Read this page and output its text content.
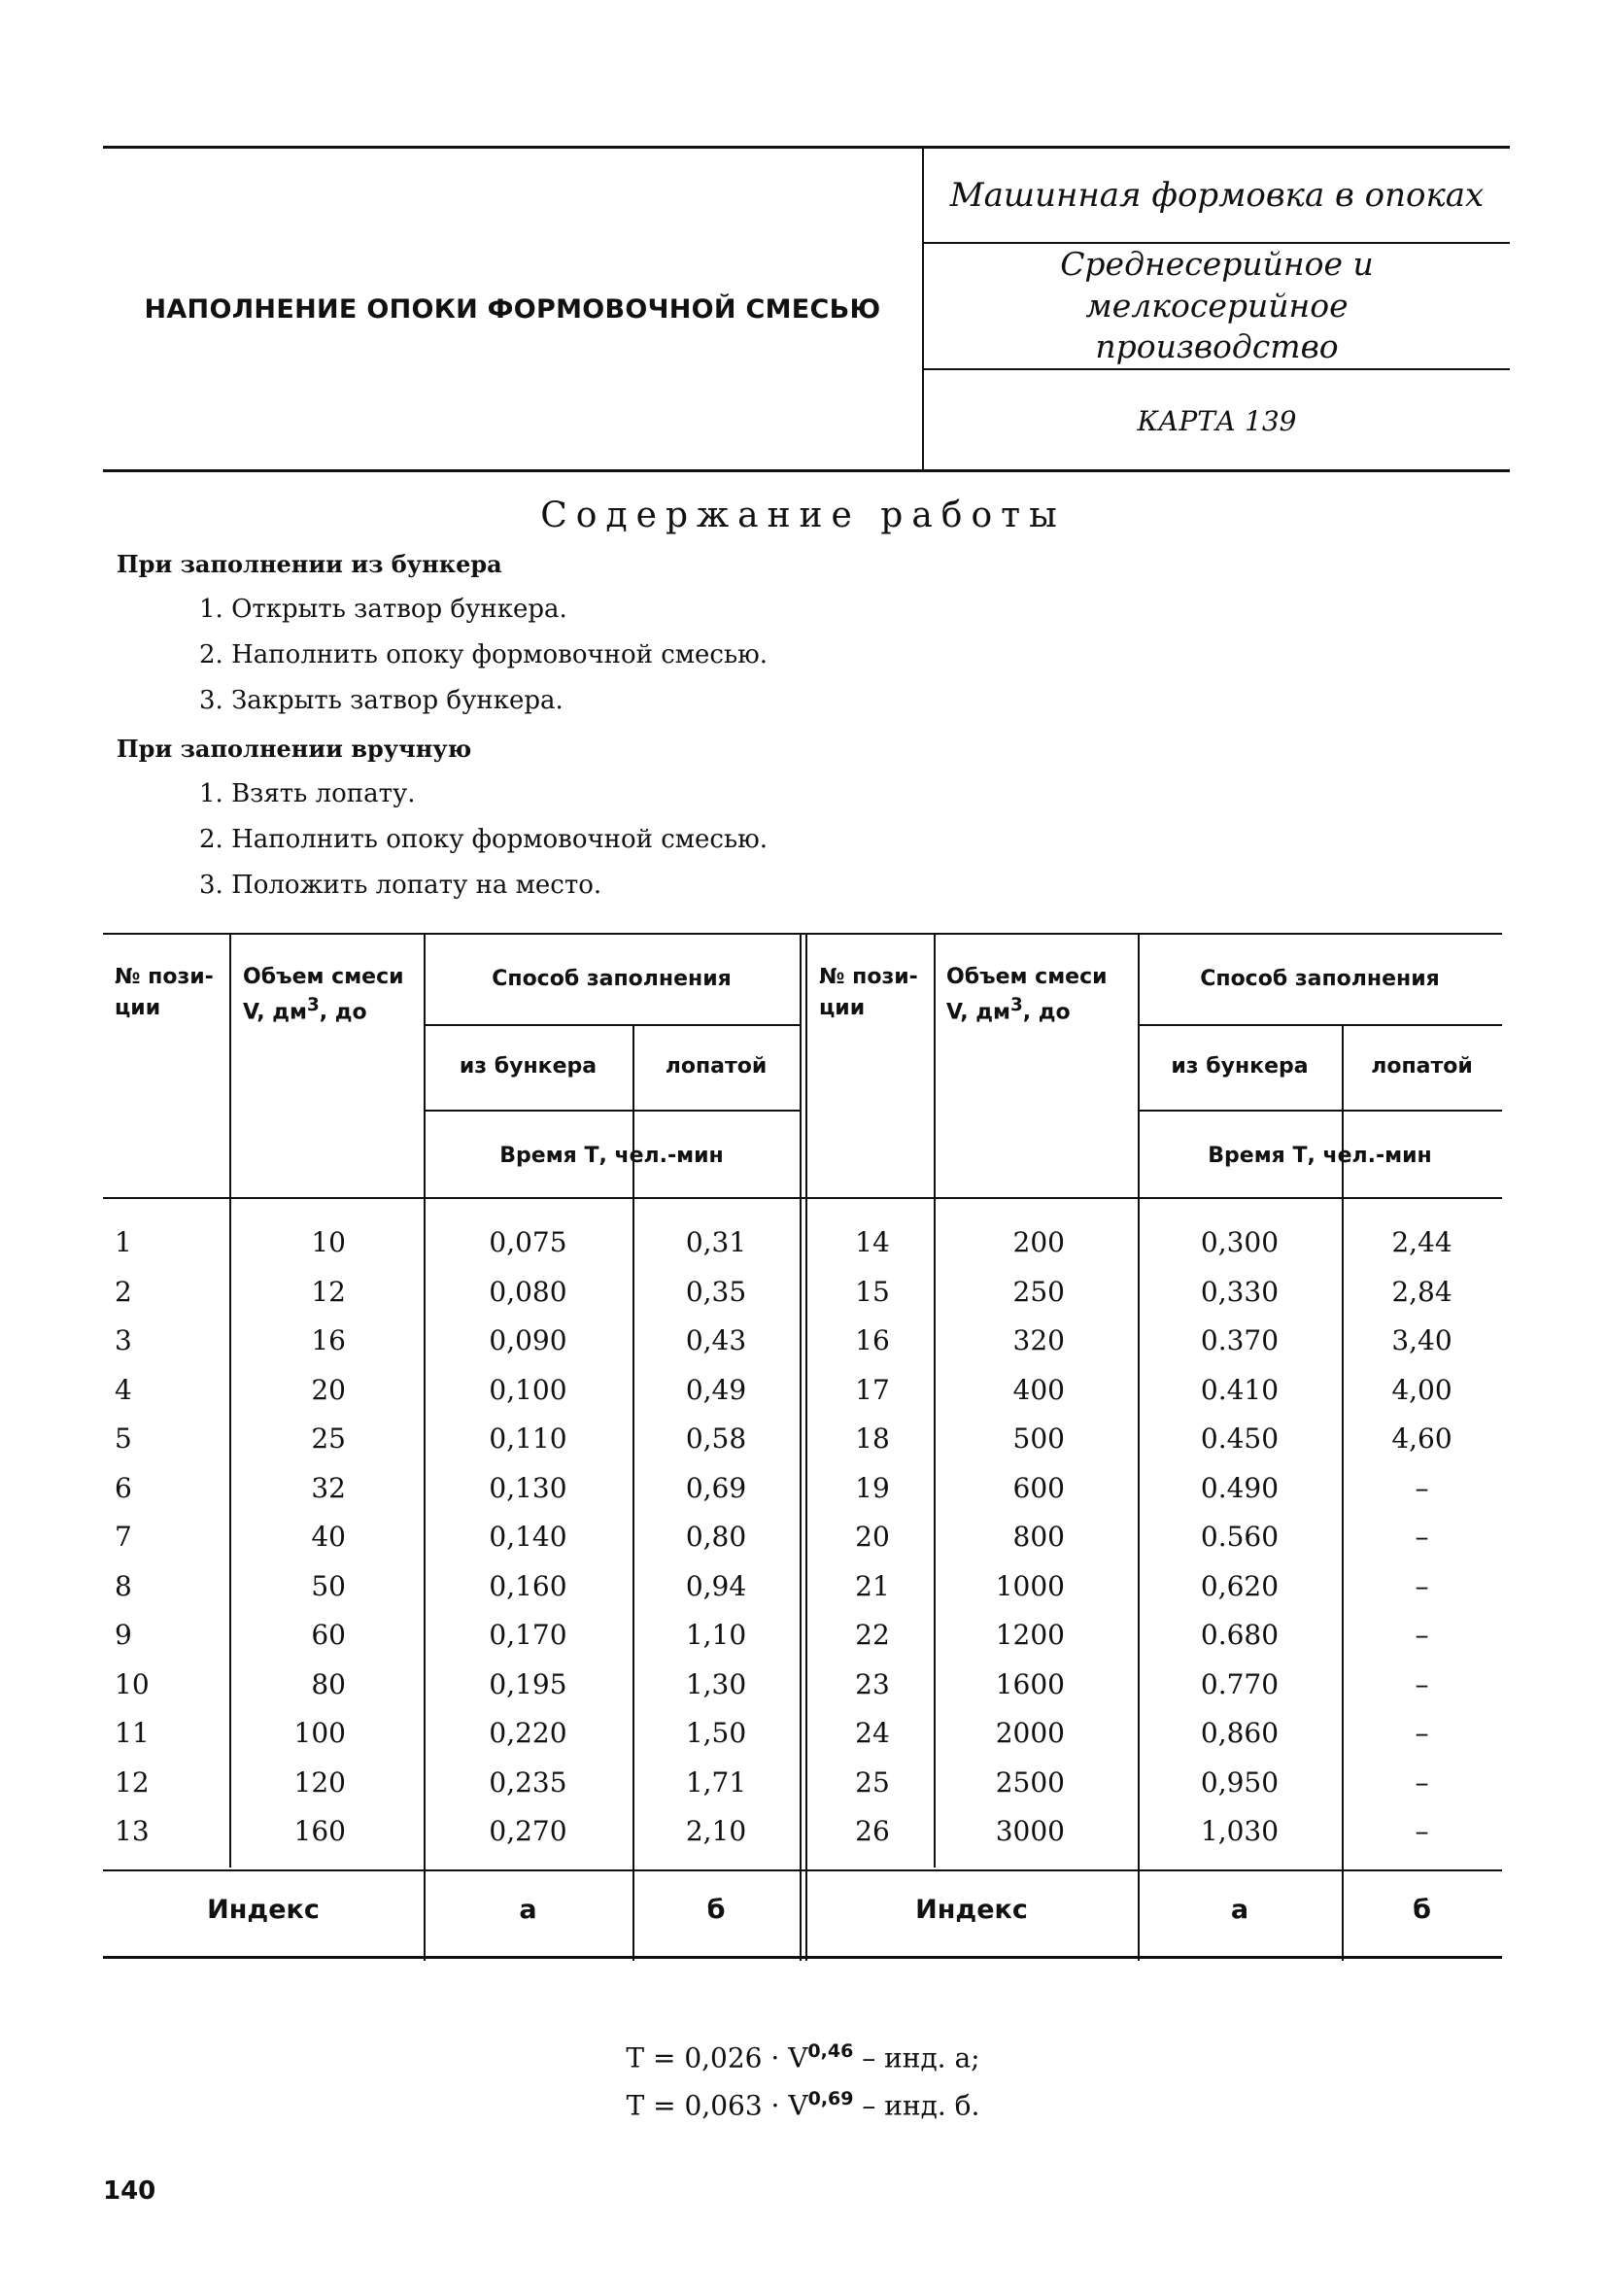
НАПОЛНЕНИЕ ОПОКИ ФОРМОВОЧНОЙ СМЕСЬЮ
Машинная формовка в опоках
Среднесерийное и мелкосерийное
производство
КАРТА 139
Содержание работы
При заполнении из бункера
1. Открыть затвор бункера.
2. Наполнить опоку формовочной смесью.
3. Закрыть затвор бункера.
При заполнении вручную
1. Взять лопату.
2. Наполнить опоку формовочной смесью.
3. Положить лопату на место.
№ пози-
ции
Объем смеси
V, $дм^3$, до
Способ заполнения
из бункера	лопатой
Время Т, чел.-мин
№ пози-
ции
Объем смеси
V, $дм^3$, до
Способ заполнения
из бункера	лопатой
Время Т, чел.-мин
1	10	0,075	0,31
2	12	0,080	0,35
3	16	0,090	0,43
4	20	0,100	0,49
5	25	0,110	0,58
6	32	0,130	0,69
7	40	0,140	0,80
8	50	0,160	0,94
9	60	0,170	1,10
10	80	0,195	1,30
11	100	0,220	1,50
12	120	0,235	1,71
13	160	0,270	2,10
14	200	0,300	2,44
15	250	0,330	2,84
16	320	0.370	3,40
17	400	0.410	4,00
18	500	0.450	4,60
19	600	0.490	–
20	800	0.560	–
21	1000	0,620	–
22	1200	0.680	–
23	1600	0.770	–
24	2000	0,860	–
25	2500	0,950	–
26	3000	1,030	–
Индекс	а	б	Индекс	а	б
Т = 0,026 · V$^{0,46}$ – инд. а;
Т = 0,063 · V$^{0,69}$ – инд. б.
140
